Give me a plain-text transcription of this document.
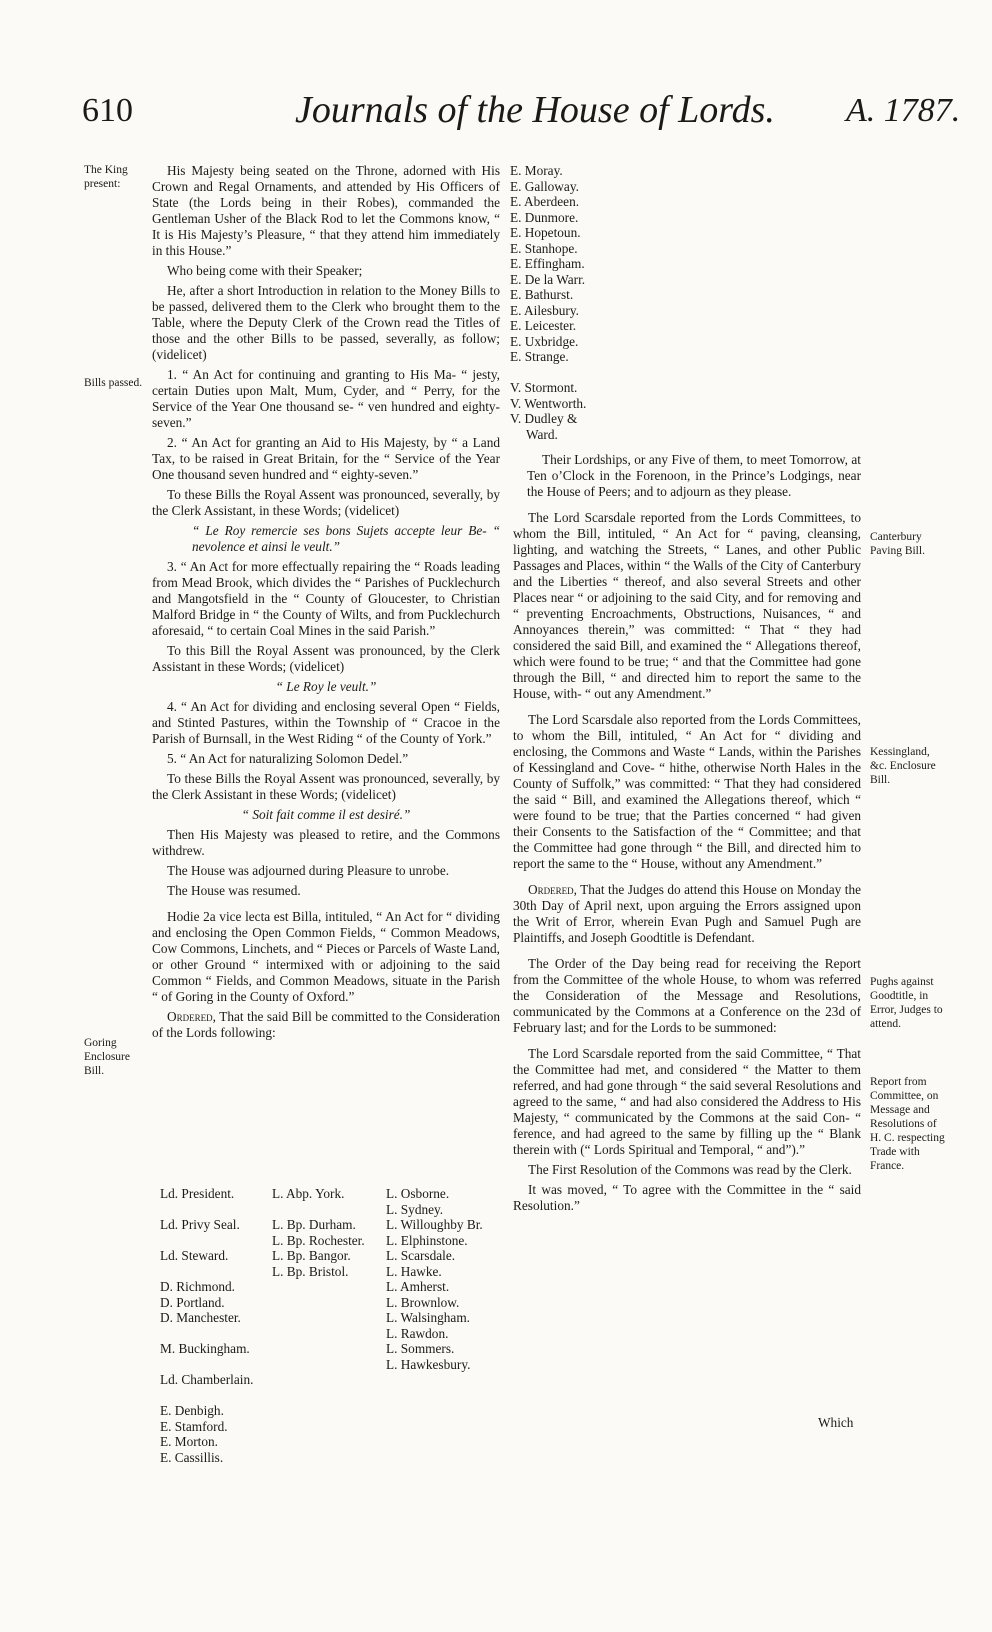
610	Journals of the House of Lords. A. 1787.
The King present:
Bills passed.
Goring Enclosure Bill.
Canterbury Paving Bill.
Kessingland, &c. Enclosure Bill.
Pughs against Goodtitle, in Error, Judges to attend.
Report from Committee, on Message and Resolutions of H. C. respecting Trade with France.

His Majesty being seated on the Throne, adorned with His Crown and Regal Ornaments, and attended by His Officers of State (the Lords being in their Robes), commanded the Gentleman Usher of the Black Rod to let the Commons know, “ It is His Majesty’s Pleasure, “ that they attend him immediately in this House.”

Who being come with their Speaker;

He, after a short Introduction in relation to the Money Bills to be passed, delivered them to the Clerk who brought them to the Table, where the Deputy Clerk of the Crown read the Titles of those and the other Bills to be passed, severally, as follow; (videlicet)

1. “ An Act for continuing and granting to His Ma- “ jesty, certain Duties upon Malt, Mum, Cyder, and “ Perry, for the Service of the Year One thousand se- “ ven hundred and eighty-seven.”

2. “ An Act for granting an Aid to His Majesty, by “ a Land Tax, to be raised in Great Britain, for the “ Service of the Year One thousand seven hundred and “ eighty-seven.”

To these Bills the Royal Assent was pronounced, severally, by the Clerk Assistant, in these Words; (videlicet)

“ Le Roy remercie ses bons Sujets accepte leur Be- “ nevolence et ainsi le veult.”

3. “ An Act for more effectually repairing the “ Roads leading from Mead Brook, which divides the “ Parishes of Pucklechurch and Mangotsfield in the “ County of Gloucester, to Christian Malford Bridge in “ the County of Wilts, and from Pucklechurch aforesaid, “ to certain Coal Mines in the said Parish.”

To this Bill the Royal Assent was pronounced, by the Clerk Assistant in these Words; (videlicet)

“ Le Roy le veult.”

4. “ An Act for dividing and enclosing several Open “ Fields, and Stinted Pastures, within the Township of “ Cracoe in the Parish of Burnsall, in the West Riding “ of the County of York.”

5. “ An Act for naturalizing Solomon Dedel.”

To these Bills the Royal Assent was pronounced, severally, by the Clerk Assistant in these Words; (videlicet)

“ Soit fait comme il est desiré.”

Then His Majesty was pleased to retire, and the Commons withdrew.

The House was adjourned during Pleasure to unrobe.

The House was resumed.

Hodie 2a vice lecta est Billa, intituled, “ An Act for “ dividing and enclosing the Open Common Fields, “ Common Meadows, Cow Commons, Linchets, and “ Pieces or Parcels of Waste Land, or other Ground “ intermixed with or adjoining to the said Common “ Fields, and Common Meadows, situate in the Parish “ of Goring in the County of Oxford.”

Ordered, That the said Bill be committed to the Consideration of the Lords following:

Ld. President.

Ld. Privy Seal.

Ld. Steward.

D. Richmond.
D. Portland.
D. Manchester.

M. Buckingham.

Ld. Chamberlain.

E. Denbigh.
E. Stamford.
E. Morton.
E. Cassillis.
L. Abp. York.

L. Bp. Durham.
L. Bp. Rochester.
L. Bp. Bangor.
L. Bp. Bristol.
L. Osborne.
L. Sydney.
L. Willoughby Br.
L. Elphinstone.
L. Scarsdale.
L. Hawke.
L. Amherst.
L. Brownlow.
L. Walsingham.
L. Rawdon.
L. Sommers.
L. Hawkesbury.
E. Moray.
E. Galloway.
E. Aberdeen.
E. Dunmore.
E. Hopetoun.
E. Stanhope.
E. Effingham.
E. De la Warr.
E. Bathurst.
E. Ailesbury.
E. Leicester.
E. Uxbridge.
E. Strange.

V. Stormont.
V. Wentworth.
V. Dudley &
Ward.

Their Lordships, or any Five of them, to meet Tomorrow, at Ten o’Clock in the Forenoon, in the Prince’s Lodgings, near the House of Peers; and to adjourn as they please.

The Lord Scarsdale reported from the Lords Committees, to whom the Bill, intituled, “ An Act for “ paving, cleansing, lighting, and watching the Streets, “ Lanes, and other Public Passages and Places, within “ the Walls of the City of Canterbury and the Liberties “ thereof, and also several Streets and other Places near “ or adjoining to the said City, and for removing and “ preventing Encroachments, Obstructions, Nuisances, “ and Annoyances therein,” was committed: “ That “ they had considered the said Bill, and examined the “ Allegations thereof, which were found to be true; “ and that the Committee had gone through the Bill, “ and directed him to report the same to the House, with- “ out any Amendment.”

The Lord Scarsdale also reported from the Lords Committees, to whom the Bill, intituled, “ An Act for “ dividing and enclosing, the Commons and Waste “ Lands, within the Parishes of Kessingland and Cove- “ hithe, otherwise North Hales in the County of Suffolk,” was committed: “ That they had considered the said “ Bill, and examined the Allegations thereof, which “ were found to be true; that the Parties concerned “ had given their Consents to the Satisfaction of the “ Committee; and that the Committee had gone through “ the Bill, and directed him to report the same to the “ House, without any Amendment.”

Ordered, That the Judges do attend this House on Monday the 30th Day of April next, upon arguing the Errors assigned upon the Writ of Error, wherein Evan Pugh and Samuel Pugh are Plaintiffs, and Joseph Goodtitle is Defendant.

The Order of the Day being read for receiving the Report from the Committee of the whole House, to whom was referred the Consideration of the Message and Resolutions, communicated by the Commons at a Conference on the 23d of February last; and for the Lords to be summoned:

The Lord Scarsdale reported from the said Committee, “ That the Committee had met, and considered “ the Matter to them referred, and had gone through “ the said several Resolutions and agreed to the same, “ and had also considered the Address to His Majesty, “ communicated by the Commons at the said Con- “ ference, and had agreed to the same by filling up the “ Blank therein with (“ Lords Spiritual and Temporal, “ and”).”

The First Resolution of the Commons was read by the Clerk.

It was moved, “ To agree with the Committee in the “ said Resolution.”

Which
